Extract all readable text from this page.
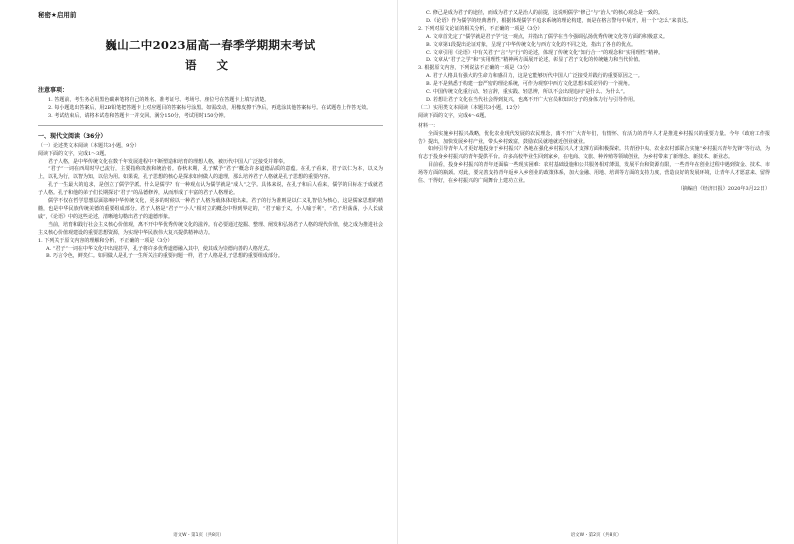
秘密★启用前
巍山二中2023届高一春季学期期末考试
语 文
注意事项：

1. 答题前，考生务必用黑色碳素笔将自己的姓名、准考证号、考场号、座位号在答题卡上填写清楚。

2. 每小题选出答案后，用2B铅笔把答题卡上对应题目的答案标号涂黑。如需改动，用橡皮擦干净后，再选涂其他答案标号。在试题卷上作答无效。

3. 考试结束后，请将本试卷和答题卡一并交回。满分150分，考试用时150分钟。

一、现代文阅读（36分）

（一）论述类文本阅读（本题共3小题，9分）

阅读下面的文字，完成1～3题。

君子人格，是中华传统文化在数千年发展进程中不断塑造和培育的理想人格，被历代中国人广泛接受并尊奉。

“君子”一词在西周时早已流行，主要指称贵族和统治者。春秋末期，孔子赋予“君子”概念许多道德品质的意蕴。在孔子看来，君子以仁为本，以义为上，以礼为行，以智为知，以信为用。如果说，孔子思想的核心是探求如何做人的道理，那么培养君子人格就是孔子思想的重要内容。

孔子一生最大的追求，是创立了儒学学派。什么是儒学？有一种观点认为儒学就是“成人”之学。具体来说，在孔子和后人看来，儒学的目标在于成就君子人格。孔子和他的弟子们长期探讨“君子”的品德修养，从而形成了丰富的君子人格理论。

儒学不仅在哲学思想层面影响中华传统文化，更多的时候以一种君子人格为载体体现出来。君子的行为准则是以仁义礼智信为核心，这是儒家思想的精髓，也是中华民族传统美德的重要组成部分。君子人格是“君子”“小人”相对立的概念中得到界定的，“君子喻于义，小人喻于利”，“君子坦荡荡，小人长戚戚”，《论语》中的这些论述，清晰地勾勒出君子的道德形象。

当前，培育和践行社会主义核心价值观，离不开中华优秀传统文化的滋养。有必要通过挖掘、整理、阐发和弘扬君子人格的现代价值，使之成为推进社会主义核心价值观建设的重要思想资源，为实现中华民族伟大复兴提供精神动力。

1. 下列关于原文内容的理解和分析，不正确的一项是（3分）

A. “君子”一词在中华文化中出现甚早，孔子将许多优秀道德融入其中，使其成为崇德向善的人格范式。

B. 巧言令色，鲜矣仁。如同做人是孔子一生所关注的重要问题一样，君子人格是孔子思想的重要组成部分。

语文W・第1页（共8页）

C. 修己是成为君子的途径，而成为君子又是治人的前提，这说明儒学“修己”与“治人”的核心观念是一致的。

D.《论语》作为儒学的经典著作，根据体现儒学不追求系统的理论构建，而是在格言警句中展开，用一个“怎么”来表达。

2. 下列对原文论证的相关分析，不正确的一项是（3分）

A. 文章首先定了“儒学就是君子学”这一观点，并指出了儒学在当今强调弘扬优秀传统文化等方面的积极意义。

B. 文章第1段提出论证对象，呈现了中华传统文化与西方文化的不同之处，指出了各自的优点。

C. 文章引用《论语》中有关君子“言”与“行”的论述，体现了传统文化“知行合一”的观念和“实用理性”精神。

D. 文章从“君子之学”和“实用理性”精神两方面展开论述，彰显了君子文化的传统魅力和当代价值。

3. 根据原文内容，下列说法不正确的一项是（3分）

A. 君子人格具有强大的生命力和感召力，这是它能够历代中国人广泛接受并践行的重要原因之一。

B. 是不是熟悉于构建一套严密的理论系统，可作为观察中西方文化思想本质差异的一个视角。

C. 中国传统文化重行动、轻言辞，重实践、轻思辨，所以不会出现追问“是什么、为什么”。

D. 若想让君子文化在当代社会得到复兴，也离不开广大官员和知识分子的身体力行与引导作用。

（二）实用类文本阅读（本题共3小题，12分）

阅读下面的文字，完成4～6题。

材料一：

全面实施乡村振兴战略，优化农业现代发展的农民理念，离不开广大青年们，有情怀、有活力的青年人才是推进乡村振兴的重要力量。今年《政府工作报告》提出，加快发展乡村产业，带头乡村致富，鼓励农民就地就近创业就业。

如何引导青年人才更好地投身于乡村振兴？各地在强化乡村振兴人才支撑方面积极探索。共青团中央、农业农村部联合实施“乡村振兴青年先锋”等行动，为有志于投身乡村振兴的青年提供平台。许多高校毕业生回到家乡，在电商、文旅、种养殖等领域创业，为乡村带来了新理念、新技术、新业态。

目前看，投身乡村振兴的青年还面临一些现实困难：农村基础设施和公共服务相对薄弱，发展平台和资源有限，一些青年在创业过程中遇到资金、技术、市场等方面的瓶颈。对此，要完善支持青年返乡入乡创业的政策体系，加大金融、用地、培训等方面的支持力度，营造良好的发展环境，让青年人才愿意来、留得住、干得好，在乡村振兴的广阔舞台上建功立业。

（摘编自《经济日报》2020年3月22日）

语文W・第2页（共8页）
